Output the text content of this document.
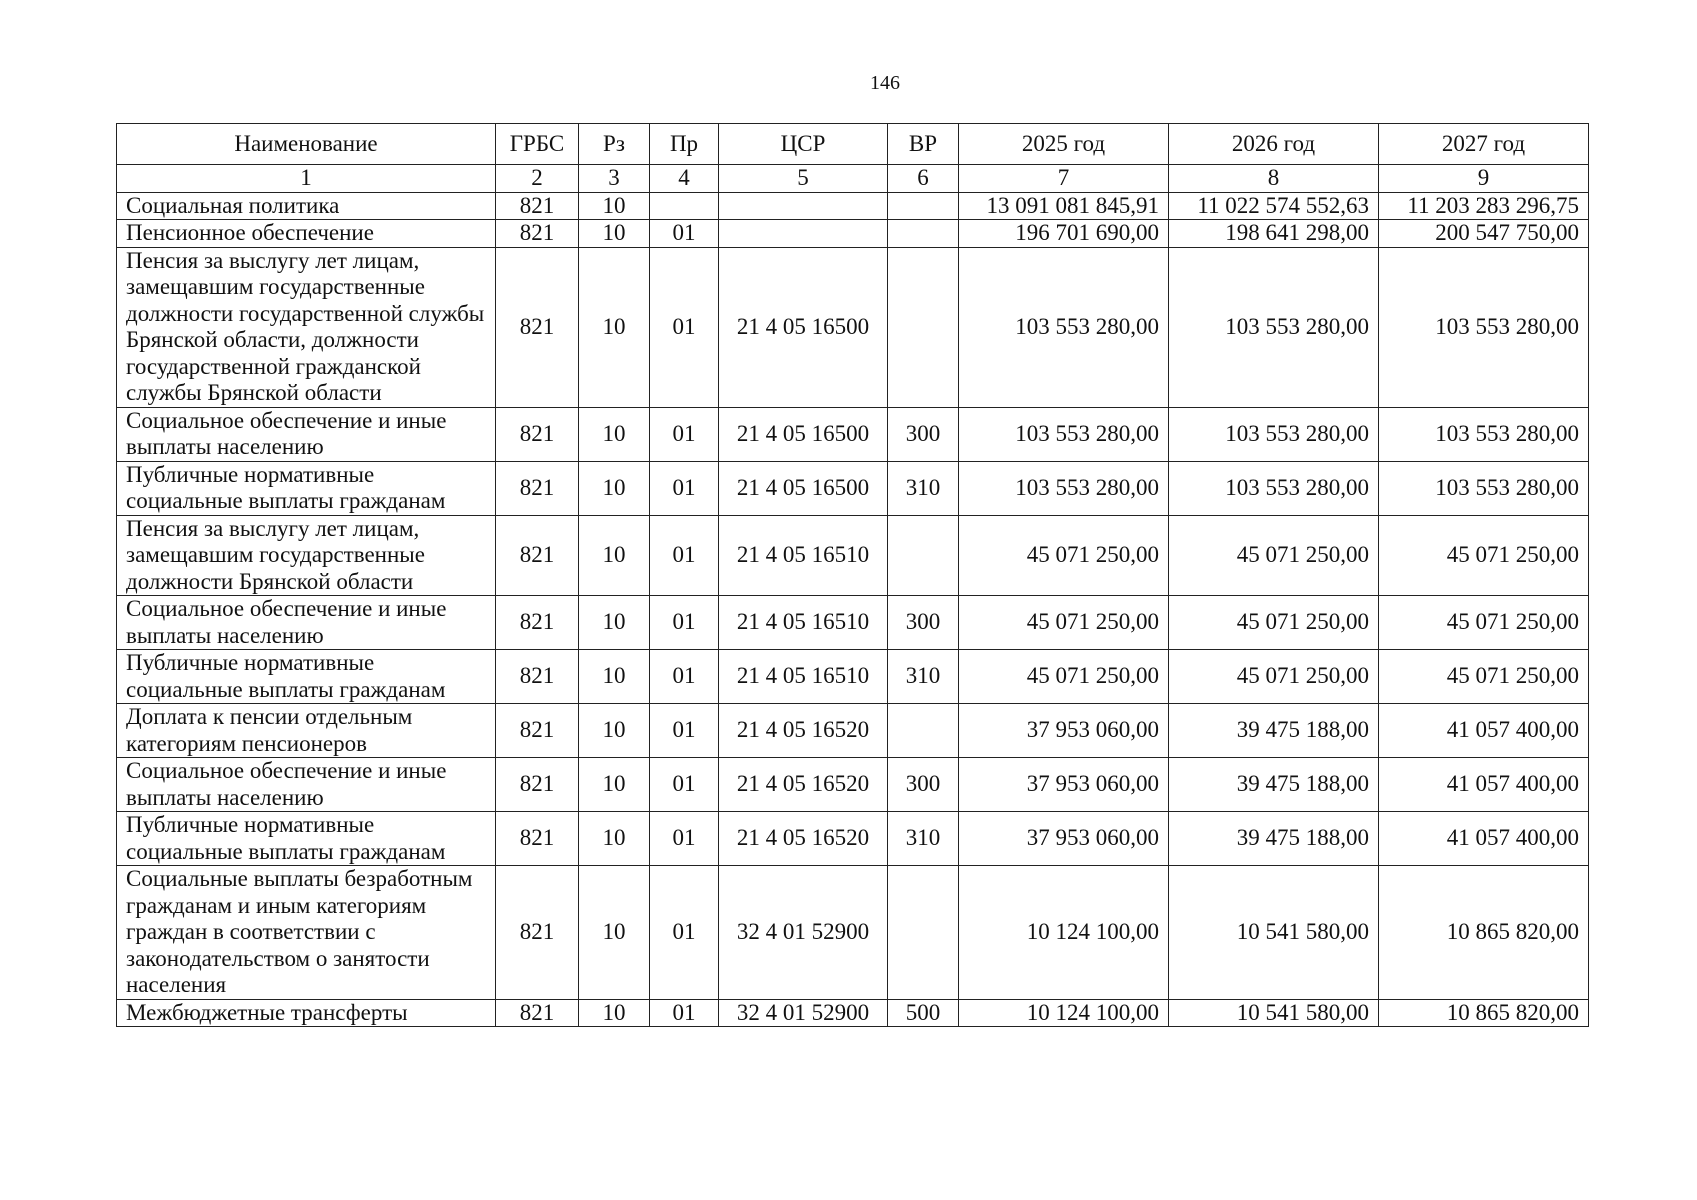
146
Наименование	ГРБС	Рз	Пр	ЦСР	ВР	2025 год	2026 год	2027 год
1	2	3	4	5	6	7	8	9
Социальная политика	821	10				13 091 081 845,91	11 022 574 552,63	11 203 283 296,75
Пенсионное обеспечение	821	10	01			196 701 690,00	198 641 298,00	200 547 750,00
Пенсия за выслугу лет лицам, замещавшим государственные должности государственной службы Брянской области, должности государственной гражданской службы Брянской области	821	10	01	21 4 05 16500		103 553 280,00	103 553 280,00	103 553 280,00
Социальное обеспечение и иные выплаты населению	821	10	01	21 4 05 16500	300	103 553 280,00	103 553 280,00	103 553 280,00
Публичные нормативные социальные выплаты гражданам	821	10	01	21 4 05 16500	310	103 553 280,00	103 553 280,00	103 553 280,00
Пенсия за выслугу лет лицам, замещавшим государственные должности Брянской области	821	10	01	21 4 05 16510		45 071 250,00	45 071 250,00	45 071 250,00
Социальное обеспечение и иные выплаты населению	821	10	01	21 4 05 16510	300	45 071 250,00	45 071 250,00	45 071 250,00
Публичные нормативные социальные выплаты гражданам	821	10	01	21 4 05 16510	310	45 071 250,00	45 071 250,00	45 071 250,00
Доплата к пенсии отдельным категориям пенсионеров	821	10	01	21 4 05 16520		37 953 060,00	39 475 188,00	41 057 400,00
Социальное обеспечение и иные выплаты населению	821	10	01	21 4 05 16520	300	37 953 060,00	39 475 188,00	41 057 400,00
Публичные нормативные социальные выплаты гражданам	821	10	01	21 4 05 16520	310	37 953 060,00	39 475 188,00	41 057 400,00
Социальные выплаты безработным гражданам и иным категориям граждан в соответствии с законодательством о занятости населения	821	10	01	32 4 01 52900		10 124 100,00	10 541 580,00	10 865 820,00
Межбюджетные трансферты	821	10	01	32 4 01 52900	500	10 124 100,00	10 541 580,00	10 865 820,00
